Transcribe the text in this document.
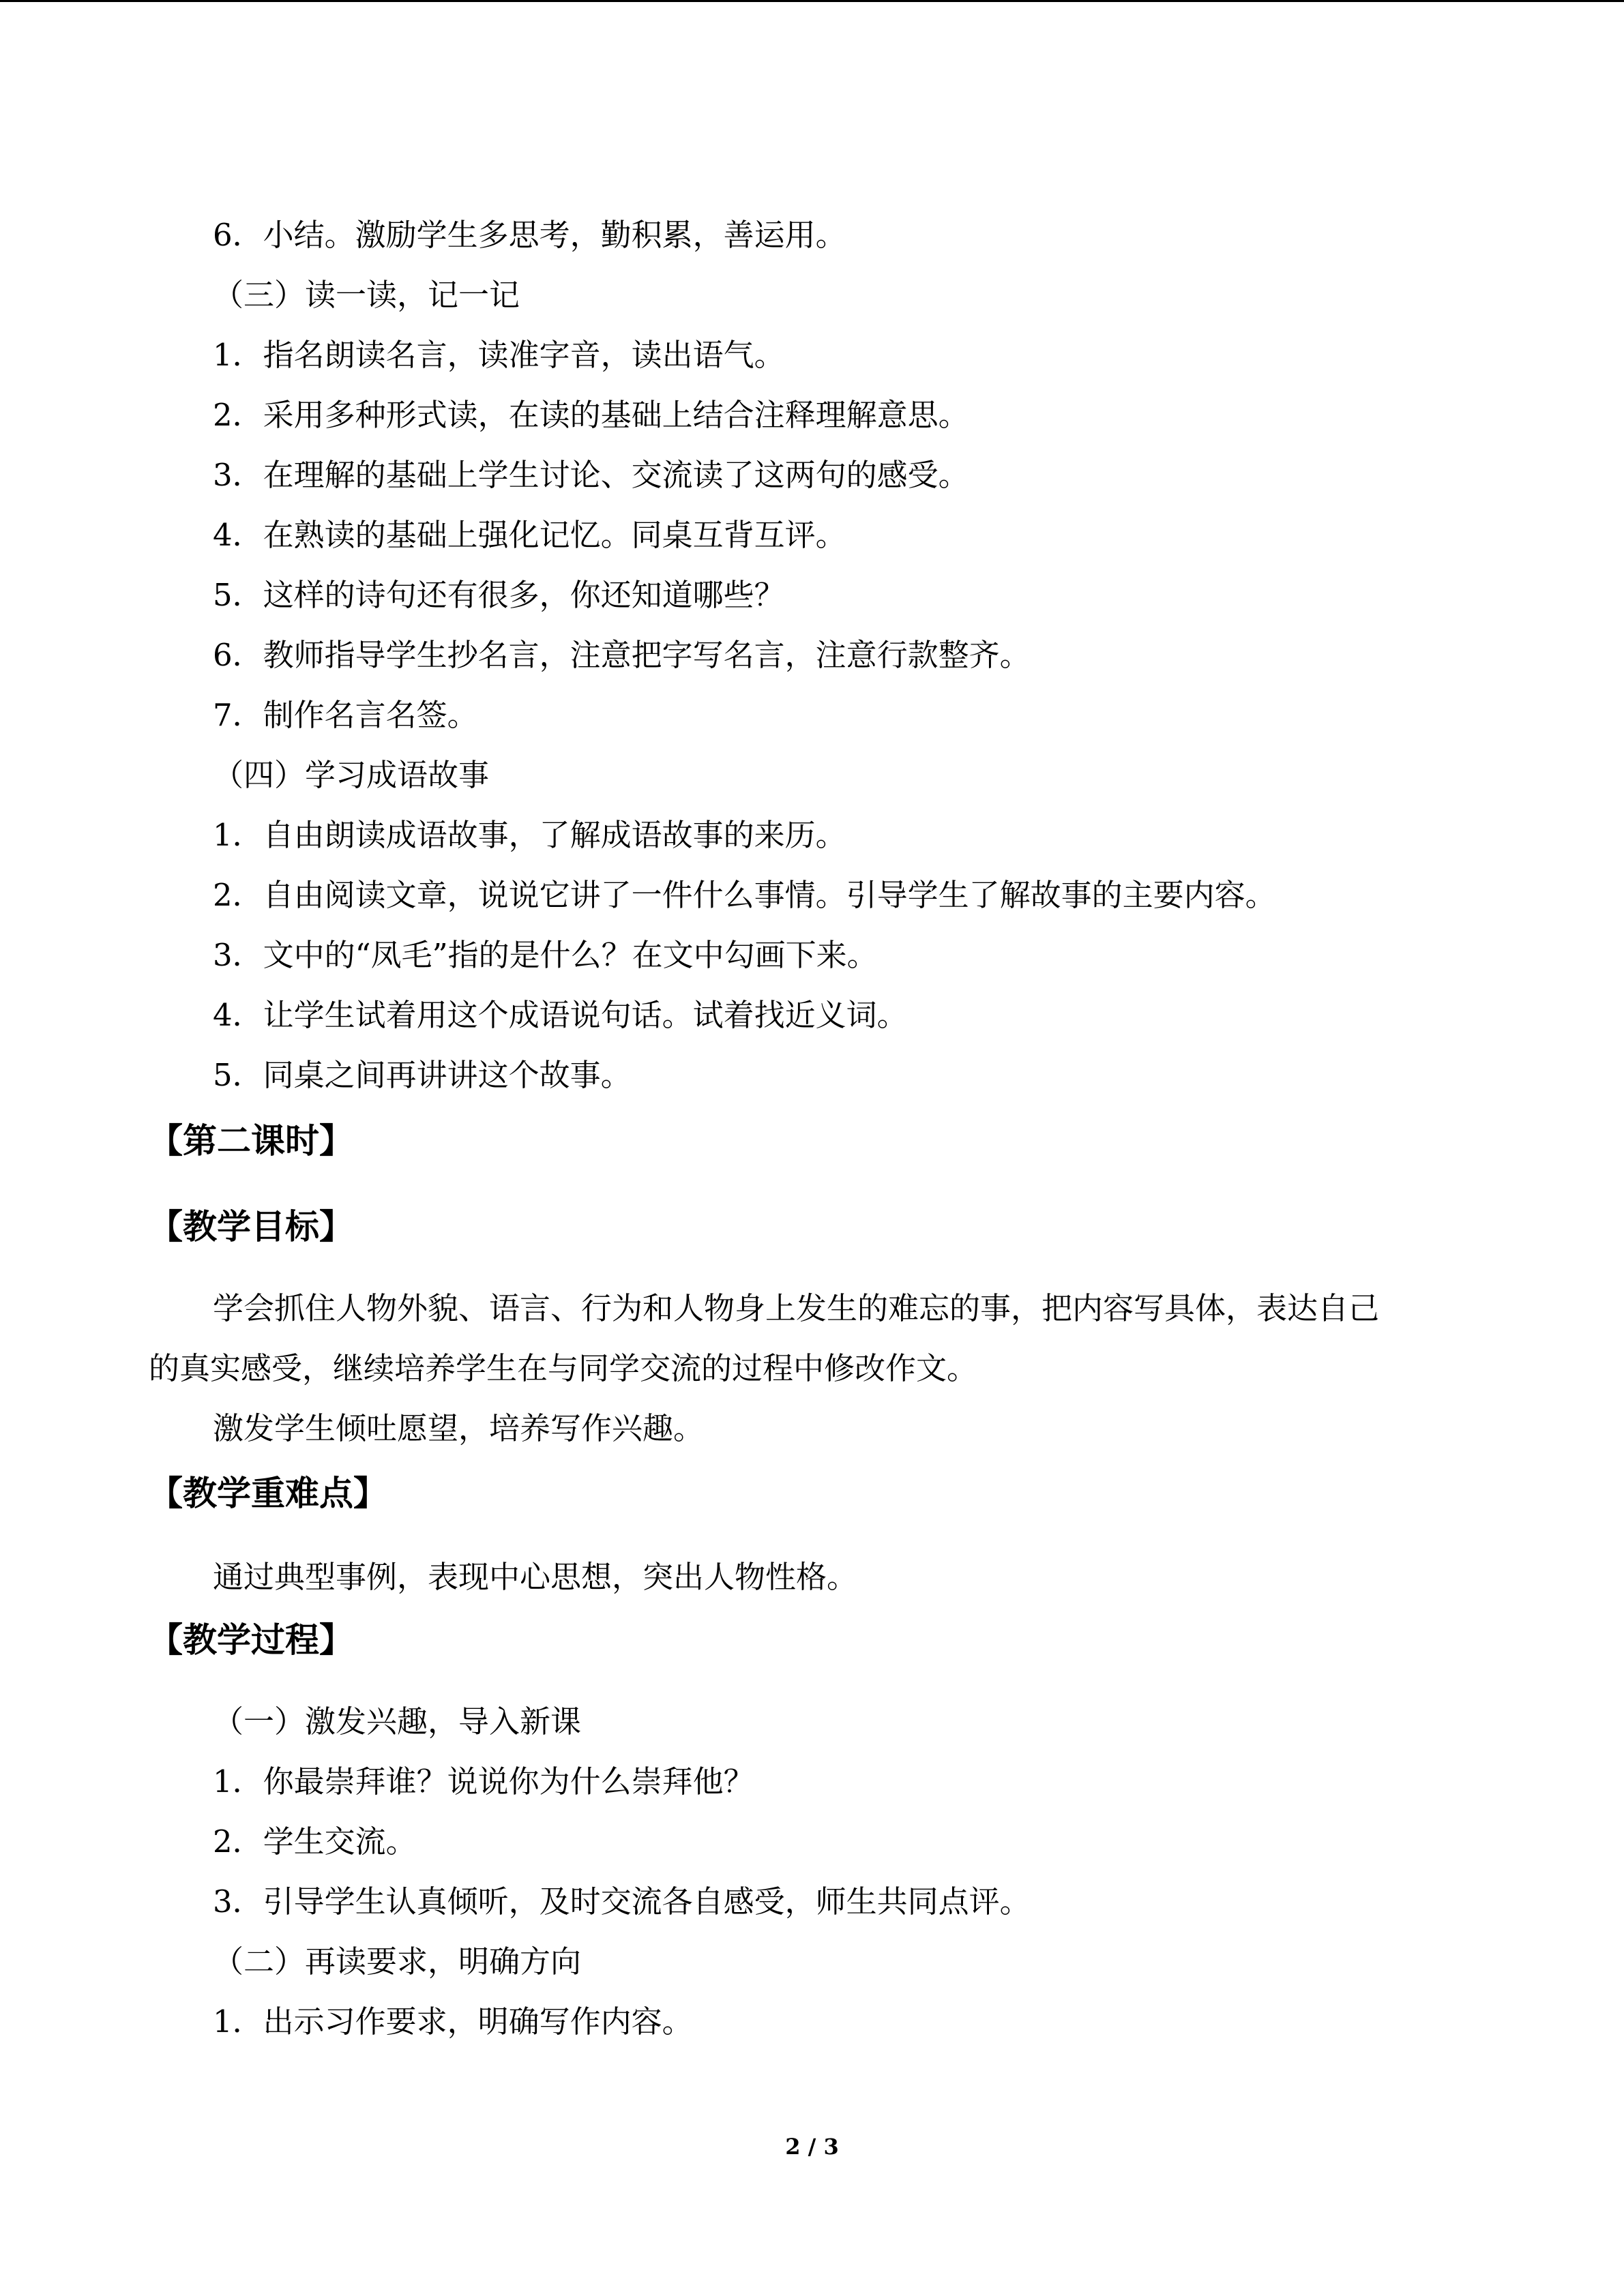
6．小结。激励学生多思考，勤积累，善运用。
（三）读一读，记一记
1．指名朗读名言，读准字音，读出语气。
2．采用多种形式读，在读的基础上结合注释理解意思。
3．在理解的基础上学生讨论、交流读了这两句的感受。
4．在熟读的基础上强化记忆。同桌互背互评。
5．这样的诗句还有很多，你还知道哪些？
6．教师指导学生抄名言，注意把字写名言，注意行款整齐。
7．制作名言名签。
（四）学习成语故事
1．自由朗读成语故事，了解成语故事的来历。
2．自由阅读文章，说说它讲了一件什么事情。引导学生了解故事的主要内容。
3．文中的“凤毛”指的是什么？在文中勾画下来。
4．让学生试着用这个成语说句话。试着找近义词。
5．同桌之间再讲讲这个故事。
【第二课时】
【教学目标】
学会抓住人物外貌、语言、行为和人物身上发生的难忘的事，把内容写具体，表达自己
的真实感受，继续培养学生在与同学交流的过程中修改作文。
激发学生倾吐愿望，培养写作兴趣。
【教学重难点】
通过典型事例，表现中心思想，突出人物性格。
【教学过程】
（一）激发兴趣，导入新课
1．你最崇拜谁？说说你为什么崇拜他？
2．学生交流。
3．引导学生认真倾听，及时交流各自感受，师生共同点评。
（二）再读要求，明确方向
1．出示习作要求，明确写作内容。
2 / 3
